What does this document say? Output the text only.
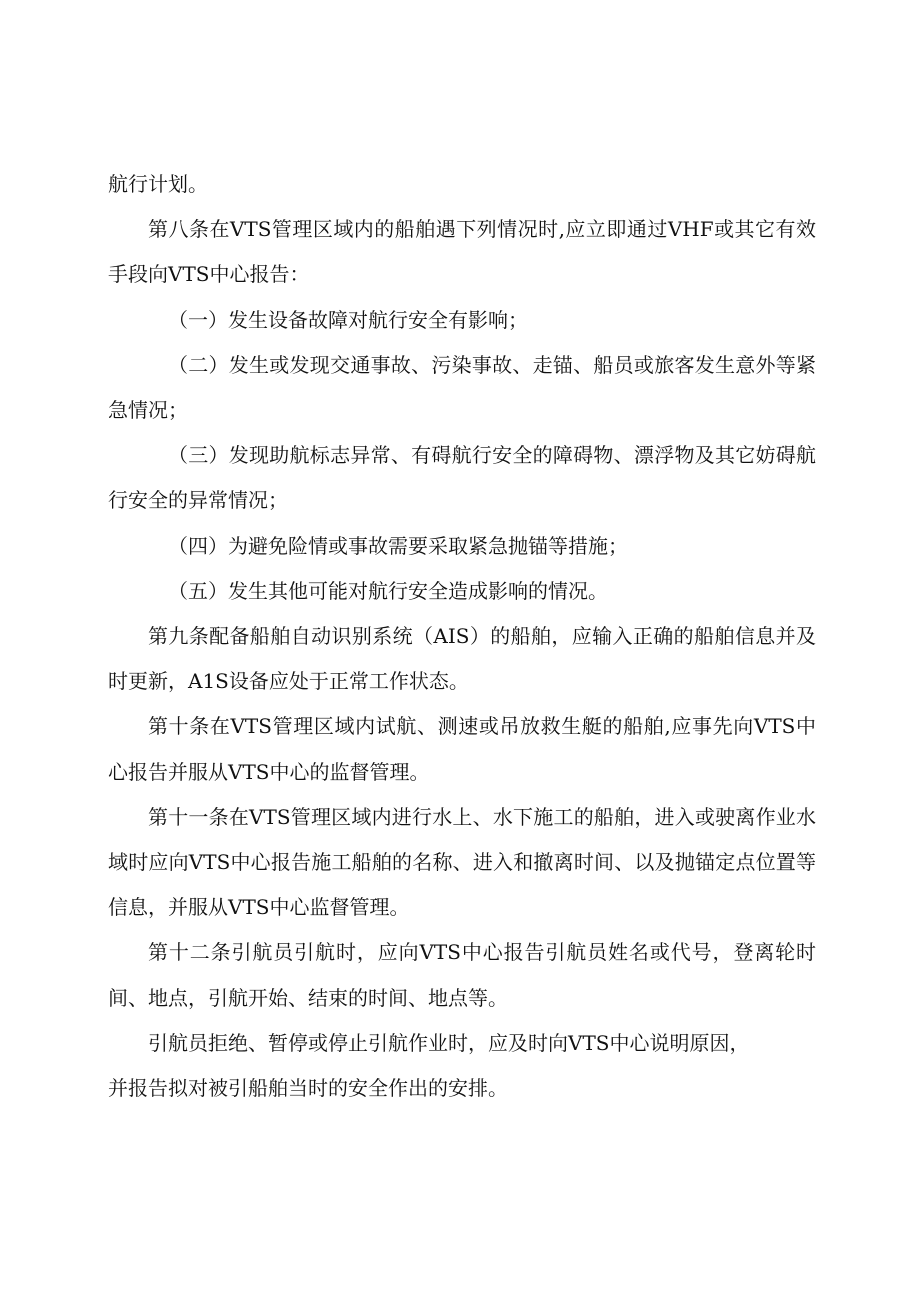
航行计划。

第八条在VTS管理区域内的船舶遇下列情况时,应立即通过VHF或其它有效手段向VTS中心报告：

（一）发生设备故障对航行安全有影响；

（二）发生或发现交通事故、污染事故、走锚、船员或旅客发生意外等紧急情况；

（三）发现助航标志异常、有碍航行安全的障碍物、漂浮物及其它妨碍航行安全的异常情况；

（四）为避免险情或事故需要采取紧急抛锚等措施；

（五）发生其他可能对航行安全造成影响的情况。

第九条配备船舶自动识别系统（AIS）的船舶，应输入正确的船舶信息并及时更新，A1S设备应处于正常工作状态。

第十条在VTS管理区域内试航、测速或吊放救生艇的船舶,应事先向VTS中心报告并服从VTS中心的监督管理。

第十一条在VTS管理区域内进行水上、水下施工的船舶，进入或驶离作业水域时应向VTS中心报告施工船舶的名称、进入和撤离时间、以及抛锚定点位置等信息，并服从VTS中心监督管理。

第十二条引航员引航时，应向VTS中心报告引航员姓名或代号，登离轮时间、地点，引航开始、结束的时间、地点等。

引航员拒绝、暂停或停止引航作业时，应及时向VTS中心说明原因，并报告拟对被引船舶当时的安全作出的安排。
